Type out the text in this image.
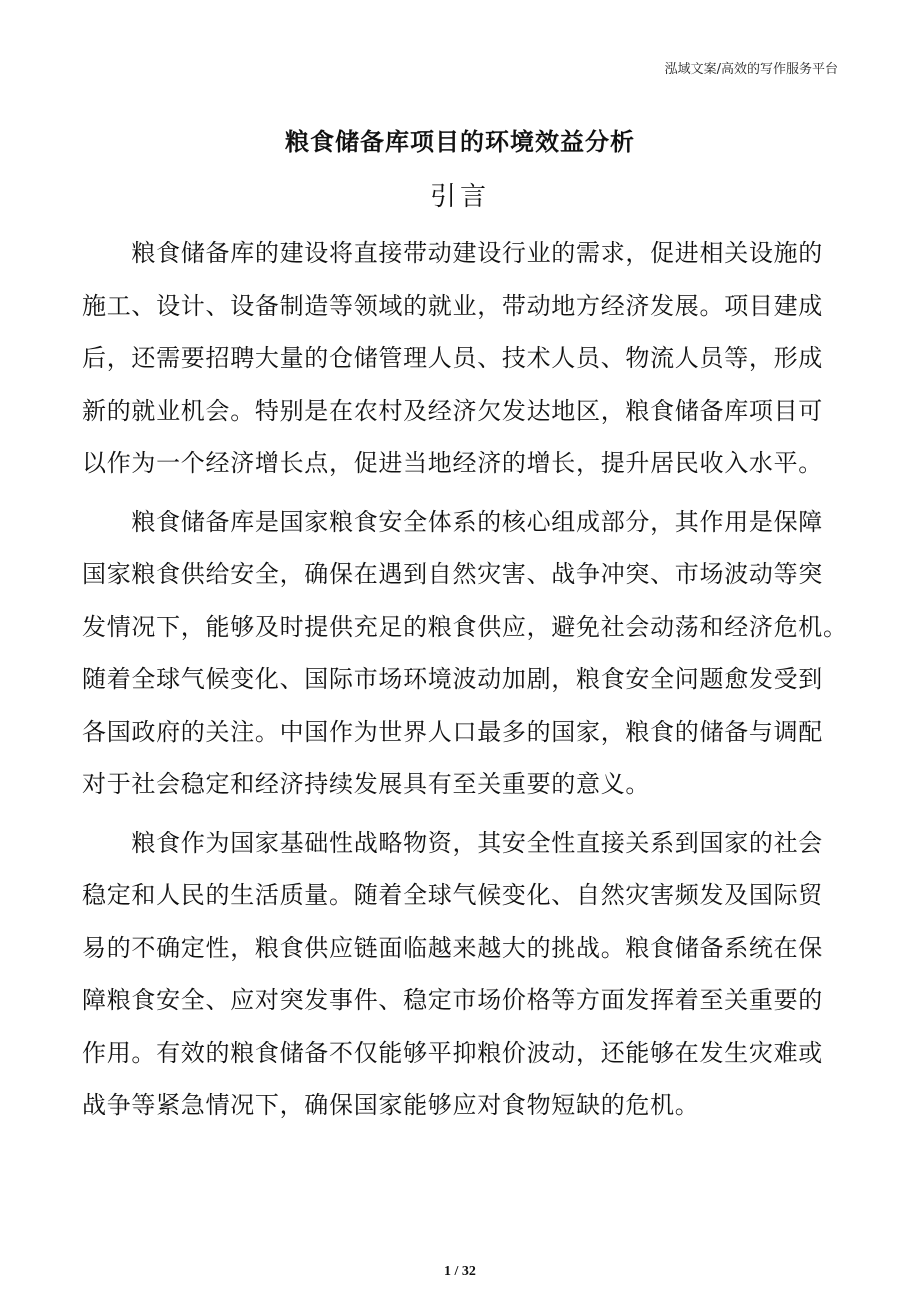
泓域文案/高效的写作服务平台
粮食储备库项目的环境效益分析
引言
　　粮食储备库的建设将直接带动建设行业的需求，促进相关设施的
施工、设计、设备制造等领域的就业，带动地方经济发展。项目建成
后，还需要招聘大量的仓储管理人员、技术人员、物流人员等，形成
新的就业机会。特别是在农村及经济欠发达地区，粮食储备库项目可
以作为一个经济增长点，促进当地经济的增长，提升居民收入水平。
　　粮食储备库是国家粮食安全体系的核心组成部分，其作用是保障
国家粮食供给安全，确保在遇到自然灾害、战争冲突、市场波动等突
发情况下，能够及时提供充足的粮食供应，避免社会动荡和经济危机。
随着全球气候变化、国际市场环境波动加剧，粮食安全问题愈发受到
各国政府的关注。中国作为世界人口最多的国家，粮食的储备与调配
对于社会稳定和经济持续发展具有至关重要的意义。
　　粮食作为国家基础性战略物资，其安全性直接关系到国家的社会
稳定和人民的生活质量。随着全球气候变化、自然灾害频发及国际贸
易的不确定性，粮食供应链面临越来越大的挑战。粮食储备系统在保
障粮食安全、应对突发事件、稳定市场价格等方面发挥着至关重要的
作用。有效的粮食储备不仅能够平抑粮价波动，还能够在发生灾难或
战争等紧急情况下，确保国家能够应对食物短缺的危机。
1 / 32
